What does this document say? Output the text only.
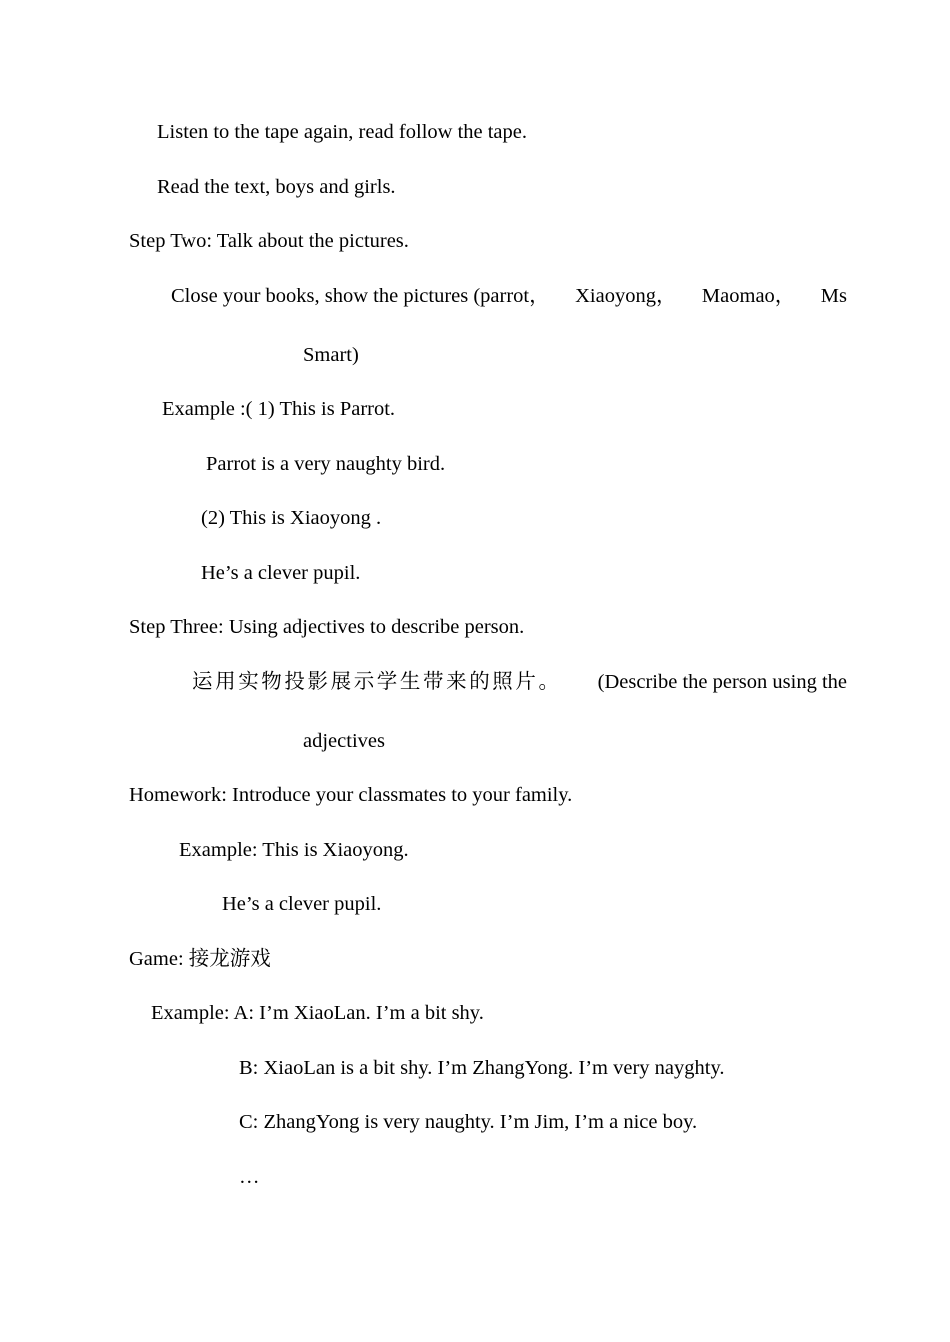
Listen to the tape again, read follow the tape.
Read the text, boys and girls.
Step Two: Talk about the pictures.
Close your books, show the pictures (parrot， Xiaoyong， Maomao， Ms
Smart)
Example :( 1) This is Parrot.
Parrot is a very naughty bird.
(2) This is Xiaoyong .
He’s a clever pupil.
Step Three: Using adjectives to describe person.
运用实物投影展示学生带来的照片。 (Describe the person using the
adjectives
Homework: Introduce your classmates to your family.
Example: This is Xiaoyong.
He’s a clever pupil.
Game: 接龙游戏
Example: A: I’m XiaoLan. I’m a bit shy.
B: XiaoLan is a bit shy. I’m ZhangYong. I’m very nayghty.
C: ZhangYong is very naughty. I’m Jim, I’m a nice boy.
…
